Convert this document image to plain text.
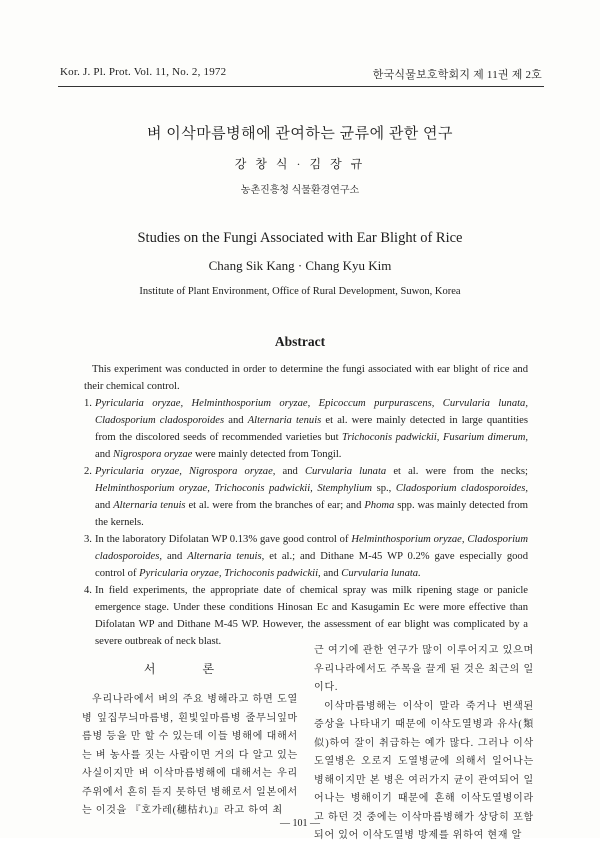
Kor. J. Pl. Prot. Vol. 11, No. 2, 1972	한국식물보호학회지 제 11권 제 2호
벼 이삭마름병해에 관여하는 균류에 관한 연구
강 창 식 · 김 장 규
농촌진흥청 식물환경연구소
Studies on the Fungi Associated with Ear Blight of Rice
Chang Sik Kang · Chang Kyu Kim
Institute of Plant Environment, Office of Rural Development, Suwon, Korea
Abstract
This experiment was conducted in order to determine the fungi associated with ear blight of rice and their chemical control.
1. Pyricularia oryzae, Helminthosporium oryzae, Epicoccum purpurascens, Curvularia lunata, Cladosporium cladosporoides and Alternaria tenuis et al. were mainly detected in large quantities from the discolored seeds of recommended varieties but Trichoconis padwickii, Fusarium dimerum, and Nigrospora oryzae were mainly detected from Tongil.
2. Pyricularia oryzae, Nigrospora oryzae, and Curvularia lunata et al. were from the necks; Helminthosporium oryzae, Trichoconis padwickii, Stemphylium sp., Cladosporium cladosporoides, and Alternaria tenuis et al. were from the branches of ear; and Phoma spp. was mainly detected from the kernels.
3. In the laboratory Difolatan WP 0.13% gave good control of Helminthosporium oryzae, Cladosporium cladosporoides, and Alternaria tenuis, et al.; and Dithane M-45 WP 0.2% gave especially good control of Pyricularia oryzae, Trichoconis padwickii, and Curvularia lunata.
4. In field experiments, the appropriate date of chemical spray was milk ripening stage or panicle emergence stage. Under these conditions Hinosan Ec and Kasugamin Ec were more effective than Difolatan WP and Dithane M-45 WP. However, the assessment of ear blight was complicated by a severe outbreak of neck blast.
서 론

우리나라에서 벼의 주요 병해라고 하면 도열병 잎집무늬마름병, 흰빛잎마름병 줄무늬잎마름병 등을 만 할 수 있는데 이들 병해에 대해서는 벼 농사를 짓는 사람이면 거의 다 알고 있는 사실이지만 벼 이삭마름병해에 대해서는 우리 주위에서 흔히 듣지 못하던 병해로서 일본에서는 이것을 『호가레(穗枯れ)』라고 하여 최

근 여기에 관한 연구가 많이 이루어지고 있으며 우리나라에서도 주목을 끌게 된 것은 최근의 일이다.

이삭마름병해는 이삭이 말라 죽거나 변색된 증상을 나타내기 때문에 이삭도열병과 유사(類似)하여 잘이 취급하는 예가 많다. 그러나 이삭도열병은 오로지 도열병균에 의해서 일어나는 병해이지만 본 병은 여러가지 균이 관여되어 일어나는 병해이기 때문에 흔해 이삭도열병이라고 하던 것 중에는 이삭마름병해가 상당히 포함되어 있어 이삭도열병 방제를 위하여 현재 알

— 101 —
